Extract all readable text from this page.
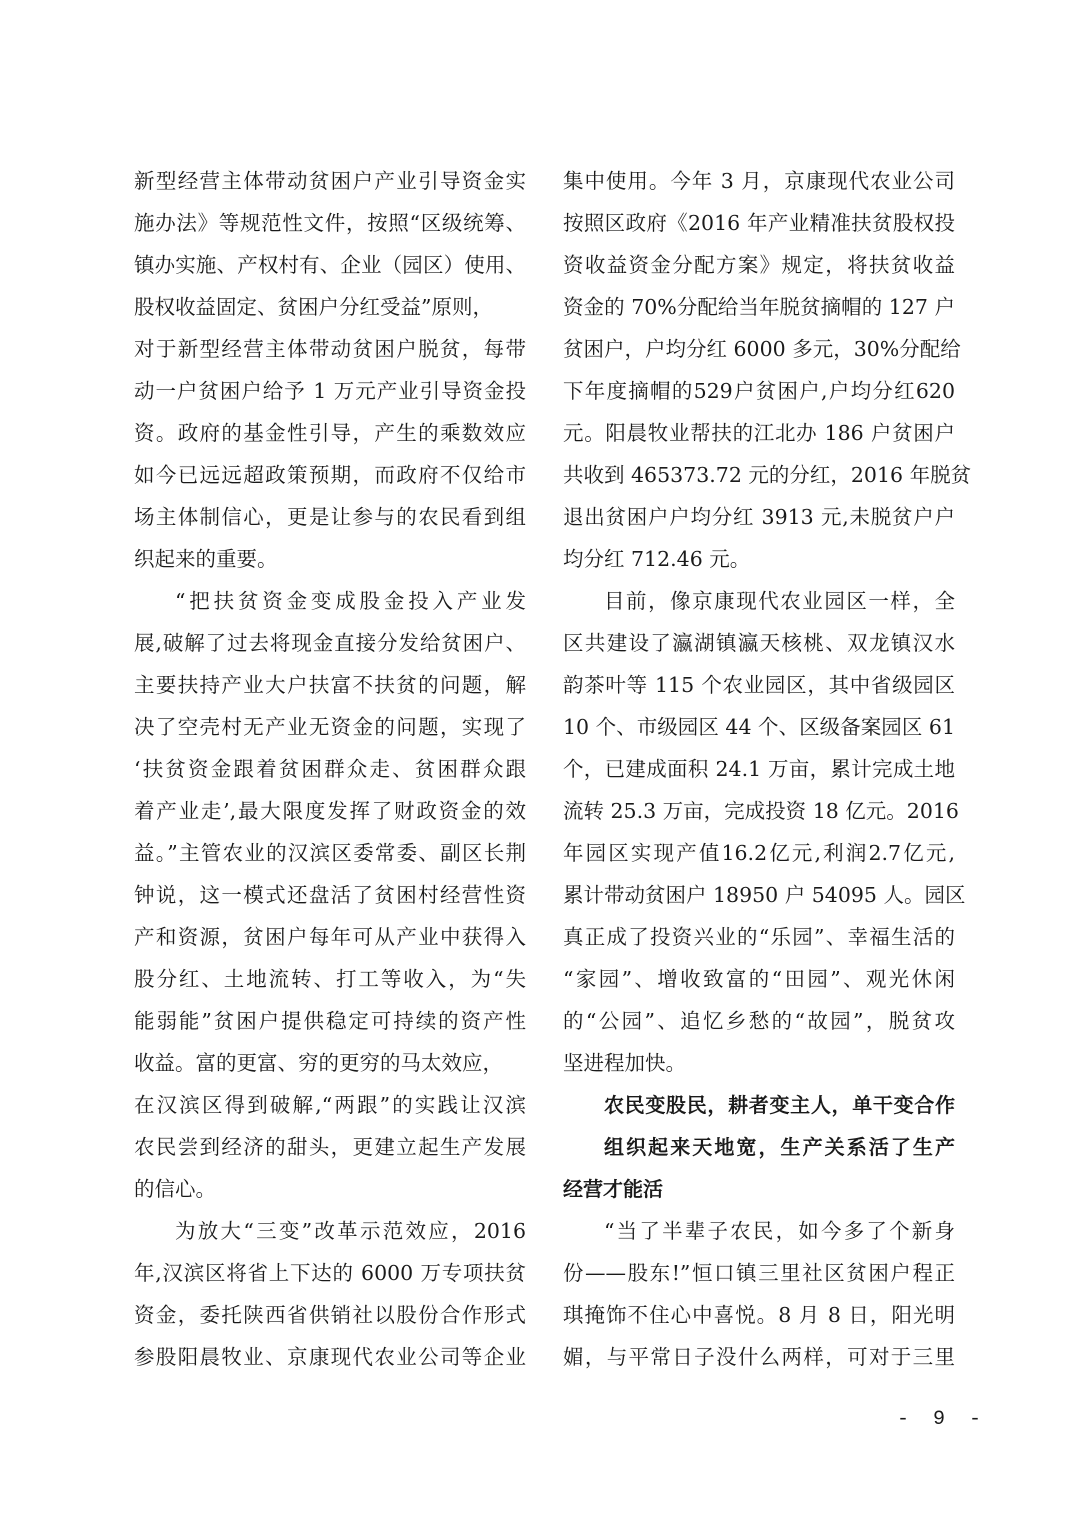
新型经营主体带动贫困户产业引导资金实
施办法》等规范性文件，按照“区级统筹、
镇办实施、产权村有、企业（园区）使用、
股权收益固定、贫困户分红受益”原则，
对于新型经营主体带动贫困户脱贫，每带
动一户贫困户给予 1 万元产业引导资金投
资。政府的基金性引导，产生的乘数效应
如今已远远超政策预期，而政府不仅给市
场主体制信心，更是让参与的农民看到组
织起来的重要。
“把扶贫资金变成股金投入产业发
展,破解了过去将现金直接分发给贫困户、
主要扶持产业大户扶富不扶贫的问题，解
决了空壳村无产业无资金的问题，实现了
‘扶贫资金跟着贫困群众走、贫困群众跟
着产业走’,最大限度发挥了财政资金的效
益。”主管农业的汉滨区委常委、副区长荆
钟说，这一模式还盘活了贫困村经营性资
产和资源，贫困户每年可从产业中获得入
股分红、土地流转、打工等收入，为“失
能弱能”贫困户提供稳定可持续的资产性
收益。富的更富、穷的更穷的马太效应，
在汉滨区得到破解,“两跟”的实践让汉滨
农民尝到经济的甜头，更建立起生产发展
的信心。
为放大“三变”改革示范效应，2016
年,汉滨区将省上下达的 6000 万专项扶贫
资金，委托陕西省供销社以股份合作形式
参股阳晨牧业、京康现代农业公司等企业
集中使用。今年 3 月，京康现代农业公司
按照区政府《2016 年产业精准扶贫股权投
资收益资金分配方案》规定，将扶贫收益
资金的 70%分配给当年脱贫摘帽的 127 户
贫困户，户均分红 6000 多元，30%分配给
下年度摘帽的529户贫困户,户均分红620
元。阳晨牧业帮扶的江北办 186 户贫困户
共收到 465373.72 元的分红，2016 年脱贫
退出贫困户户均分红 3913 元,未脱贫户户
均分红 712.46 元。
目前，像京康现代农业园区一样，全
区共建设了瀛湖镇瀛天核桃、双龙镇汉水
韵茶叶等 115 个农业园区，其中省级园区
10 个、市级园区 44 个、区级备案园区 61
个，已建成面积 24.1 万亩，累计完成土地
流转 25.3 万亩，完成投资 18 亿元。2016
年园区实现产值16.2亿元,利润2.7亿元,
累计带动贫困户 18950 户 54095 人。园区
真正成了投资兴业的“乐园”、幸福生活的
“家园”、增收致富的“田园”、观光休闲
的“公园”、追忆乡愁的“故园”，脱贫攻
坚进程加快。
农民变股民，耕者变主人，单干变合作
组织起来天地宽，生产关系活了生产
经营才能活
“当了半辈子农民，如今多了个新身
份——股东!”恒口镇三里社区贫困户程正
琪掩饰不住心中喜悦。8 月 8 日，阳光明
媚，与平常日子没什么两样，可对于三里
- 9 -
